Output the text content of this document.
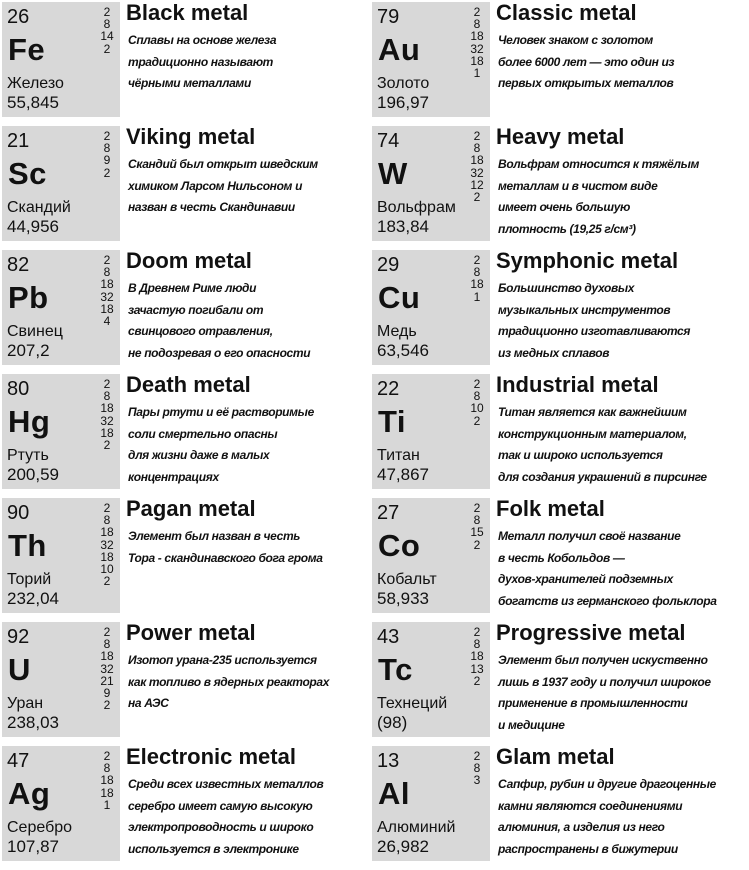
26
Fe
Железо
55,845
2
8
14
2
Black metal
Сплавы на основе железа
традиционно называют
чёрными металлами
79
Au
Золото
196,97
2
8
18
32
18
1
Classic metal
Человек знаком с золотом
более 6000 лет — это один из
первых открытых металлов
21
Sc
Скандий
44,956
2
8
9
2
Viking metal
Скандий был открыт шведским
химиком Ларсом Нильсоном и
назван в честь Скандинавии
74
W
Вольфрам
183,84
2
8
18
32
12
2
Heavy metal
Вольфрам относится к тяжёлым
металлам и в чистом виде
имеет очень большую
плотность (19,25 г/см³)
82
Pb
Свинец
207,2
2
8
18
32
18
4
Doom metal
В Древнем Риме люди
зачастую погибали от
свинцового отравления,
не подозревая о его опасности
29
Cu
Медь
63,546
2
8
18
1
Symphonic metal
Большинство духовых
музыкальных инструментов
традиционно изготавливаются
из медных сплавов
80
Hg
Ртуть
200,59
2
8
18
32
18
2
Death metal
Пары ртути и её растворимые
соли смертельно опасны
для жизни даже в малых
концентрациях
22
Ti
Титан
47,867
2
8
10
2
Industrial metal
Титан является как важнейшим
конструкционным материалом,
так и широко используется
для создания украшений в пирсинге
90
Th
Торий
232,04
2
8
18
32
18
10
2
Pagan metal
Элемент был назван в честь
Тора - скандинавского бога грома
27
Co
Кобальт
58,933
2
8
15
2
Folk metal
Металл получил своё название
в честь Кобольдов —
духов-хранителей подземных
богатств из германского фольклора
92
U
Уран
238,03
2
8
18
32
21
9
2
Power metal
Изотоп урана-235 используется
как топливо в ядерных реакторах
на АЭС
43
Tc
Технеций
(98)
2
8
18
13
2
Progressive metal
Элемент был получен искуственно
лишь в 1937 году и получил широкое
применение в промышленности
и медицине
47
Ag
Серебро
107,87
2
8
18
18
1
Electronic metal
Среди всех известных металлов
серебро имеет самую высокую
электропроводность и широко
используется в электронике
13
Al
Алюминий
26,982
2
8
3
Glam metal
Сапфир, рубин и другие драгоценные
камни являются соединениями
алюминия, а изделия из него
распространены в бижутерии
